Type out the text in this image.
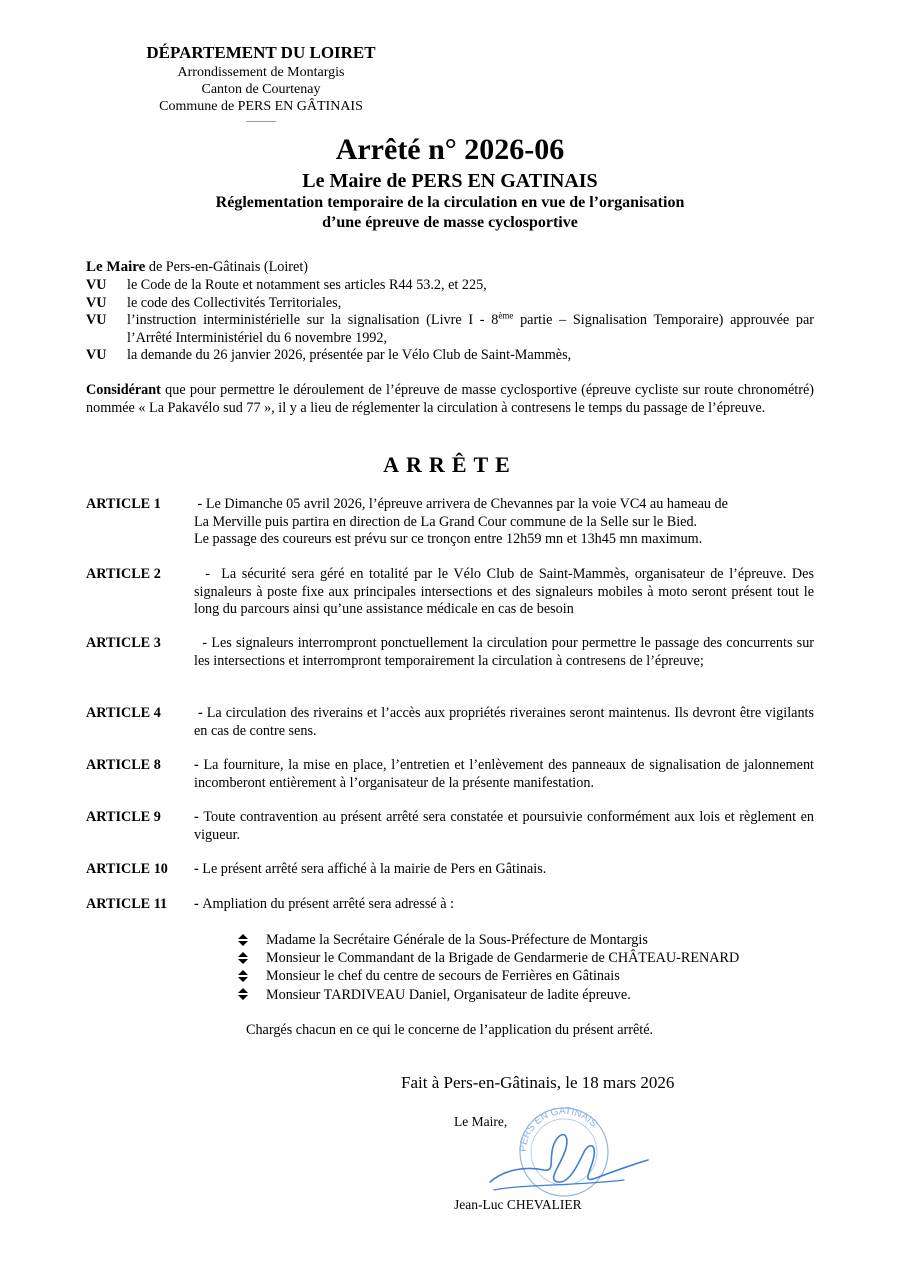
DÉPARTEMENT DU LOIRET
Arrondissement de Montargis
Canton de Courtenay
Commune de PERS EN GÂTINAIS
Arrêté n° 2026-06
Le Maire de PERS EN GATINAIS
Réglementation temporaire de la circulation en vue de l’organisation
d’une épreuve de masse cyclosportive
Le Maire de Pers-en-Gâtinais (Loiret)
VU	le Code de la Route et notamment ses articles R44 53.2, et 225,
VU	le code des Collectivités Territoriales,
VU	l’instruction interministérielle sur la signalisation (Livre I - 8ème partie – Signalisation Temporaire) approuvée par l’Arrêté Interministériel du 6 novembre 1992,
VU	la demande du 26 janvier 2026, présentée par le Vélo Club de Saint-Mammès,
Considérant que pour permettre le déroulement de l’épreuve de masse cyclosportive (épreuve cycliste sur route chronométré) nommée « La Pakavélo sud 77 », il y a lieu de réglementer la circulation à contresens le temps du passage de l’épreuve.
ARRÊTE
ARTICLE 1	- Le Dimanche 05 avril 2026, l’épreuve arrivera de Chevannes par la voie VC4 au hameau de
La Merville puis partira en direction de La Grand Cour commune de la Selle sur le Bied.
Le passage des coureurs est prévu sur ce tronçon entre 12h59 mn et 13h45 mn maximum.
ARTICLE 2	-  La sécurité sera géré en totalité par le Vélo Club de Saint-Mammès, organisateur de l’épreuve. Des signaleurs à poste fixe aux principales intersections et des signaleurs mobiles à moto seront présent tout le long du parcours ainsi qu’une assistance médicale en cas de besoin
ARTICLE 3	- Les signaleurs interrompront ponctuellement la circulation pour permettre le passage des concurrents sur les intersections et interrompront temporairement la circulation à contresens de l’épreuve;
ARTICLE 4	- La circulation des riverains et l’accès aux propriétés riveraines seront maintenus. Ils devront être vigilants en cas de contre sens.
ARTICLE 8	- La fourniture, la mise en place, l’entretien et l’enlèvement des panneaux de signalisation de jalonnement incomberont entièrement à l’organisateur de la présente manifestation.
ARTICLE 9	- Toute contravention au présent arrêté sera constatée et poursuivie conformément aux lois et règlement en vigueur.
ARTICLE 10	- Le présent arrêté sera affiché à la mairie de Pers en Gâtinais.
ARTICLE 11	- Ampliation du présent arrêté sera adressé à :
Madame la Secrétaire Générale de la Sous-Préfecture de Montargis
Monsieur le Commandant de la Brigade de Gendarmerie de CHÂTEAU-RENARD
Monsieur le chef du centre de secours de Ferrières en Gâtinais
Monsieur TARDIVEAU Daniel, Organisateur de ladite épreuve.
Chargés chacun en ce qui le concerne de l’application du présent arrêté.
Fait à Pers-en-Gâtinais, le 18 mars 2026
Le Maire,
PERS EN GATINAIS
Jean-Luc CHEVALIER
